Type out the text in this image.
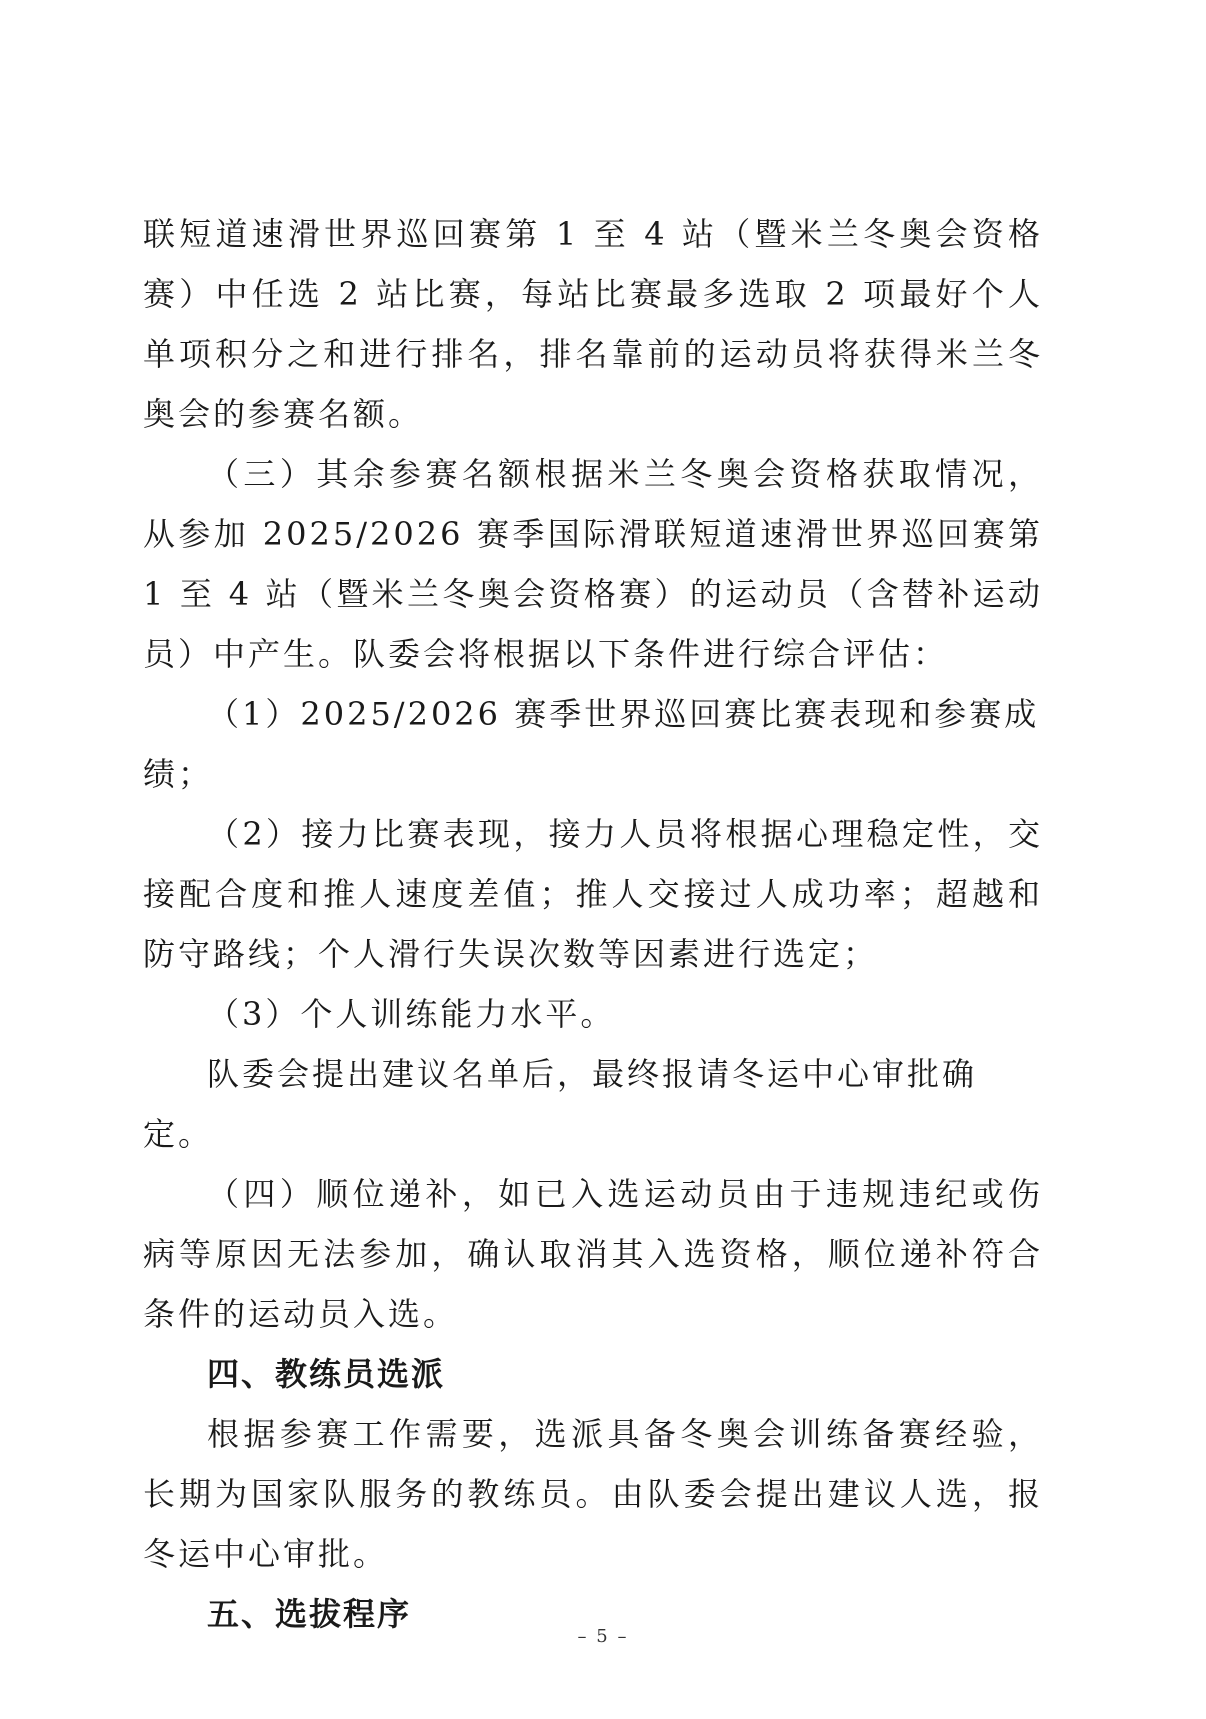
联短道速滑世界巡回赛第 1 至 4 站（暨米兰冬奥会资格赛）中任选 2 站比赛，每站比赛最多选取 2 项最好个人单项积分之和进行排名，排名靠前的运动员将获得米兰冬奥会的参赛名额。

（三）其余参赛名额根据米兰冬奥会资格获取情况，从参加 2025/2026 赛季国际滑联短道速滑世界巡回赛第 1 至 4 站（暨米兰冬奥会资格赛）的运动员（含替补运动员）中产生。队委会将根据以下条件进行综合评估：

（1）2025/2026 赛季世界巡回赛比赛表现和参赛成绩；

（2）接力比赛表现，接力人员将根据心理稳定性，交接配合度和推人速度差值；推人交接过人成功率；超越和防守路线；个人滑行失误次数等因素进行选定；

（3）个人训练能力水平。

队委会提出建议名单后，最终报请冬运中心审批确定。

（四）顺位递补，如已入选运动员由于违规违纪或伤病等原因无法参加，确认取消其入选资格，顺位递补符合条件的运动员入选。

四、教练员选派

根据参赛工作需要，选派具备冬奥会训练备赛经验，长期为国家队服务的教练员。由队委会提出建议人选，报冬运中心审批。

五、选拔程序

– 5 –
